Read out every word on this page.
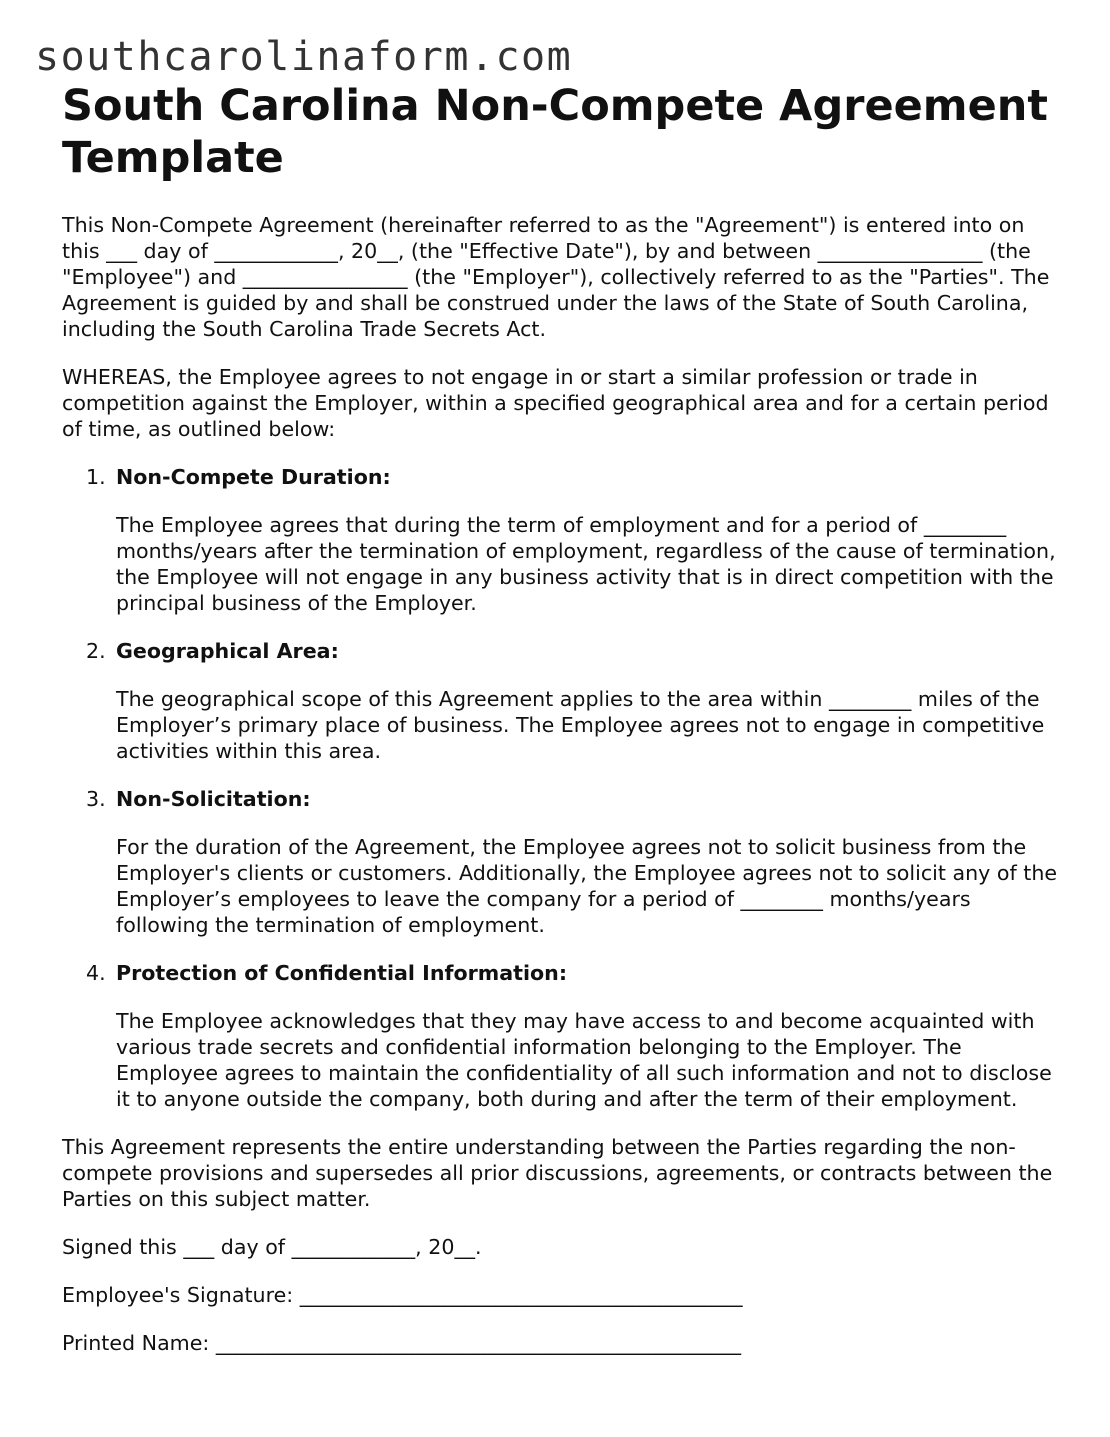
southcarolinaform.com
South Carolina Non-Compete Agreement Template

This Non-Compete Agreement (hereinafter referred to as the "Agreement") is entered into on this ___ day of ____________, 20__, (the "Effective Date"), by and between ________________ (the "Employee") and ________________ (the "Employer"), collectively referred to as the "Parties". The Agreement is guided by and shall be construed under the laws of the State of South Carolina, including the South Carolina Trade Secrets Act.

WHEREAS, the Employee agrees to not engage in or start a similar profession or trade in competition against the Employer, within a specified geographical area and for a certain period of time, as outlined below:

1. Non-Compete Duration:

The Employee agrees that during the term of employment and for a period of ________ months/years after the termination of employment, regardless of the cause of termination, the Employee will not engage in any business activity that is in direct competition with the principal business of the Employer.

2. Geographical Area:

The geographical scope of this Agreement applies to the area within ________ miles of the Employer’s primary place of business. The Employee agrees not to engage in competitive activities within this area.

3. Non-Solicitation:

For the duration of the Agreement, the Employee agrees not to solicit business from the Employer's clients or customers. Additionally, the Employee agrees not to solicit any of the Employer’s employees to leave the company for a period of ________ months/years following the termination of employment.

4. Protection of Confidential Information:

The Employee acknowledges that they may have access to and become acquainted with various trade secrets and confidential information belonging to the Employer. The Employee agrees to maintain the confidentiality of all such information and not to disclose it to anyone outside the company, both during and after the term of their employment.

This Agreement represents the entire understanding between the Parties regarding the non-compete provisions and supersedes all prior discussions, agreements, or contracts between the Parties on this subject matter.

Signed this ___ day of ____________, 20__.

Employee's Signature: ___________________________________________

Printed Name: ___________________________________________________
